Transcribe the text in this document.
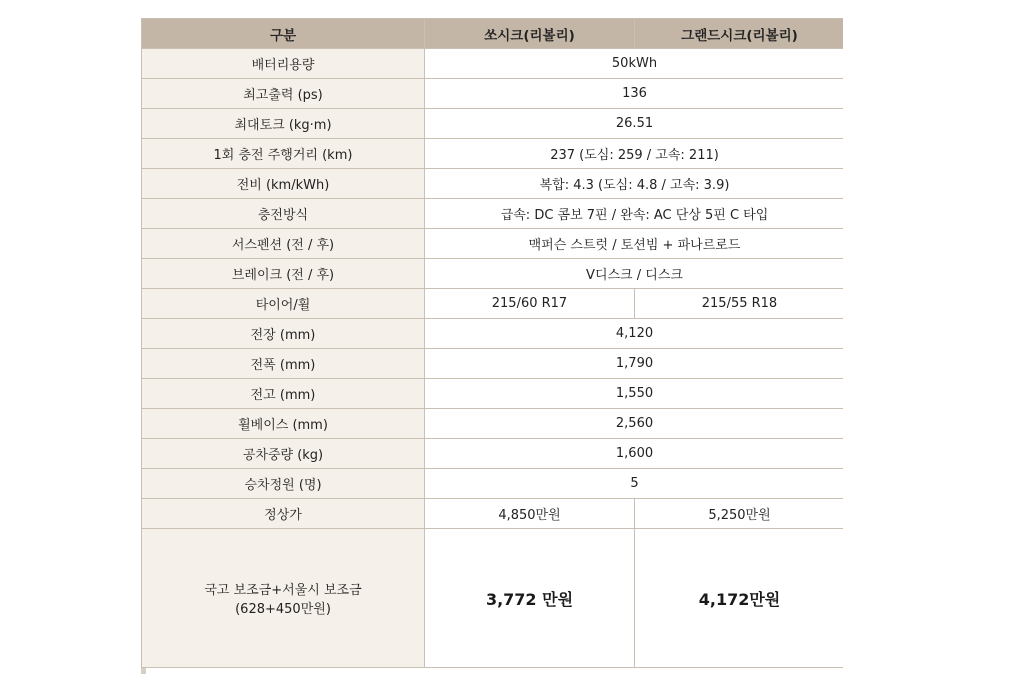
구분	쏘시크(리볼리)	그랜드시크(리볼리)
배터리용량	50kWh	
최고출력 (ps)	136	
최대토크 (kg·m)	26.51	
1회 충전 주행거리 (km)	237 (도심: 259 / 고속: 211)	
전비 (km/kWh)	복합: 4.3 (도심: 4.8 / 고속: 3.9)	
충전방식	급속: DC 콤보 7핀 / 완속: AC 단상 5핀 C 타입	
서스펜션 (전 / 후)	맥퍼슨 스트럿 / 토션빔 + 파나르로드	
브레이크 (전 / 후)	V디스크 / 디스크	
타이어/휠	215/60 R17	215/55 R18
전장 (mm)	4,120	
전폭 (mm)	1,790	
전고 (mm)	1,550	
휠베이스 (mm)	2,560	
공차중량 (kg)	1,600	
승차정원 (명)	5	
정상가	4,850만원	5,250만원

국고 보조금+서울시 보조금
(628+450만원)	3,772 만원	4,172만원
